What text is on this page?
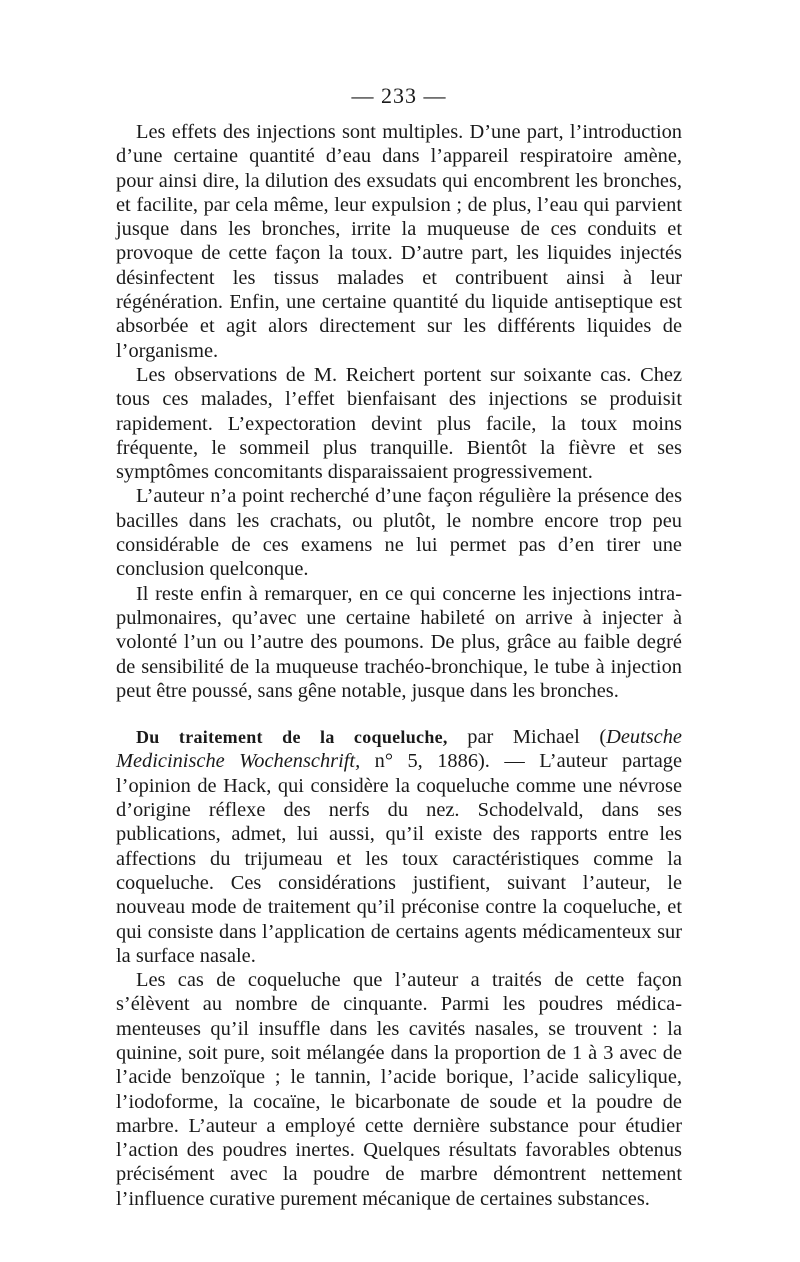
— 233 —

Les effets des injections sont multiples. D’une part, l’introduction d’une certaine quantité d’eau dans l’appareil respiratoire amène, pour ainsi dire, la dilution des exsudats qui encombrent les bronches, et facilite, par cela même, leur expulsion ; de plus, l’eau qui parvient jusque dans les bronches, irrite la muqueuse de ces conduits et provoque de cette façon la toux. D’autre part, les liquides injectés désinfectent les tissus malades et contribuent ainsi à leur régénération. Enfin, une certaine quantité du liquide antiseptique est absorbée et agit alors directement sur les différents liquides de l’organisme.

Les observations de M. Reichert portent sur soixante cas. Chez tous ces malades, l’effet bienfaisant des injections se produisit rapidement. L’expectoration devint plus facile, la toux moins fréquente, le sommeil plus tranquille. Bientôt la fièvre et ses symptômes concomitants disparaissaient progressivement.

L’auteur n’a point recherché d’une façon régulière la présence des bacilles dans les crachats, ou plutôt, le nombre encore trop peu considérable de ces examens ne lui permet pas d’en tirer une conclusion quelconque.

Il reste enfin à remarquer, en ce qui concerne les injections intra-pulmonaires, qu’avec une certaine habileté on arrive à injecter à volonté l’un ou l’autre des poumons. De plus, grâce au faible degré de sensibilité de la muqueuse trachéo-bronchique, le tube à injection peut être poussé, sans gêne notable, jusque dans les bronches.

Du traitement de la coqueluche, par Michael (Deutsche Medicinische Wochenschrift, n° 5, 1886). — L’auteur partage l’opinion de Hack, qui considère la coqueluche comme une névrose d’origine réflexe des nerfs du nez. Schodelvald, dans ses publications, admet, lui aussi, qu’il existe des rapports entre les affections du trijumeau et les toux caractéristiques comme la coqueluche. Ces considérations justifient, suivant l’auteur, le nouveau mode de traitement qu’il préconise contre la coqueluche, et qui consiste dans l’application de certains agents médicamenteux sur la surface nasale.

Les cas de coqueluche que l’auteur a traités de cette façon s’élèvent au nombre de cinquante. Parmi les poudres médicamenteuses qu’il insuffle dans les cavités nasales, se trouvent : la quinine, soit pure, soit mélangée dans la proportion de 1 à 3 avec de l’acide benzoïque ; le tannin, l’acide borique, l’acide salicylique, l’iodoforme, la cocaïne, le bicarbonate de soude et la poudre de marbre. L’auteur a employé cette dernière substance pour étudier l’action des poudres inertes. Quelques résultats favorables obtenus précisément avec la poudre de marbre démontrent nettement l’influence curative purement mécanique de certaines substances.
